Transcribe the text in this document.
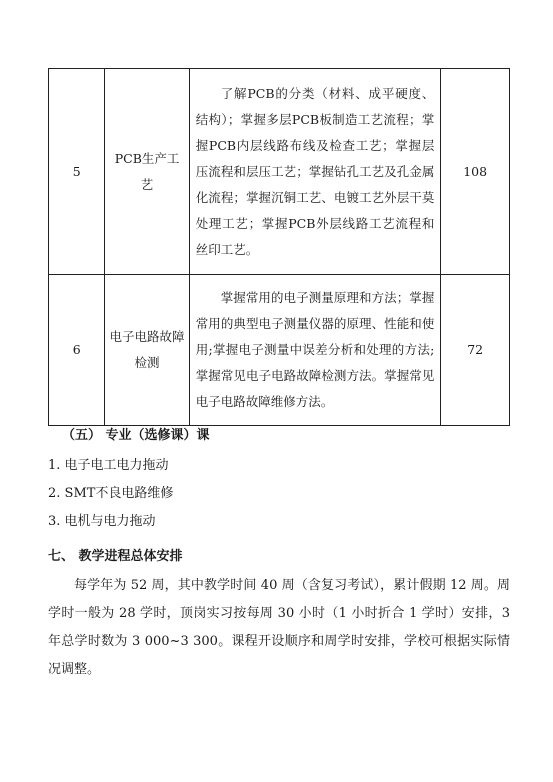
5	PCB生产工艺	了解PCB的分类（材料、成平硬度、结构）；掌握多层PCB板制造工艺流程；掌握PCB内层线路布线及检查工艺；掌握层压流程和层压工艺；掌握钻孔工艺及孔金属化流程；掌握沉铜工艺、电镀工艺外层干莫处理工艺；掌握PCB外层线路工艺流程和丝印工艺。	108
6	电子电路故障检测	掌握常用的电子测量原理和方法；掌握常用的典型电子测量仪器的原理、性能和使用;掌握电子测量中误差分析和处理的方法;掌握常见电子电路故障检测方法。掌握常见电子电路故障维修方法。	72
（五） 专业（选修课）课
1. 电子电工电力拖动
2. SMT不良电路维修
3. 电机与电力拖动
七、 教学进程总体安排
每学年为 52 周，其中教学时间 40 周（含复习考试），累计假期 12 周。周学时一般为 28 学时，顶岗实习按每周 30 小时（1 小时折合 1 学时）安排，3 年总学时数为 3 000~3 300。课程开设顺序和周学时安排，学校可根据实际情况调整。
